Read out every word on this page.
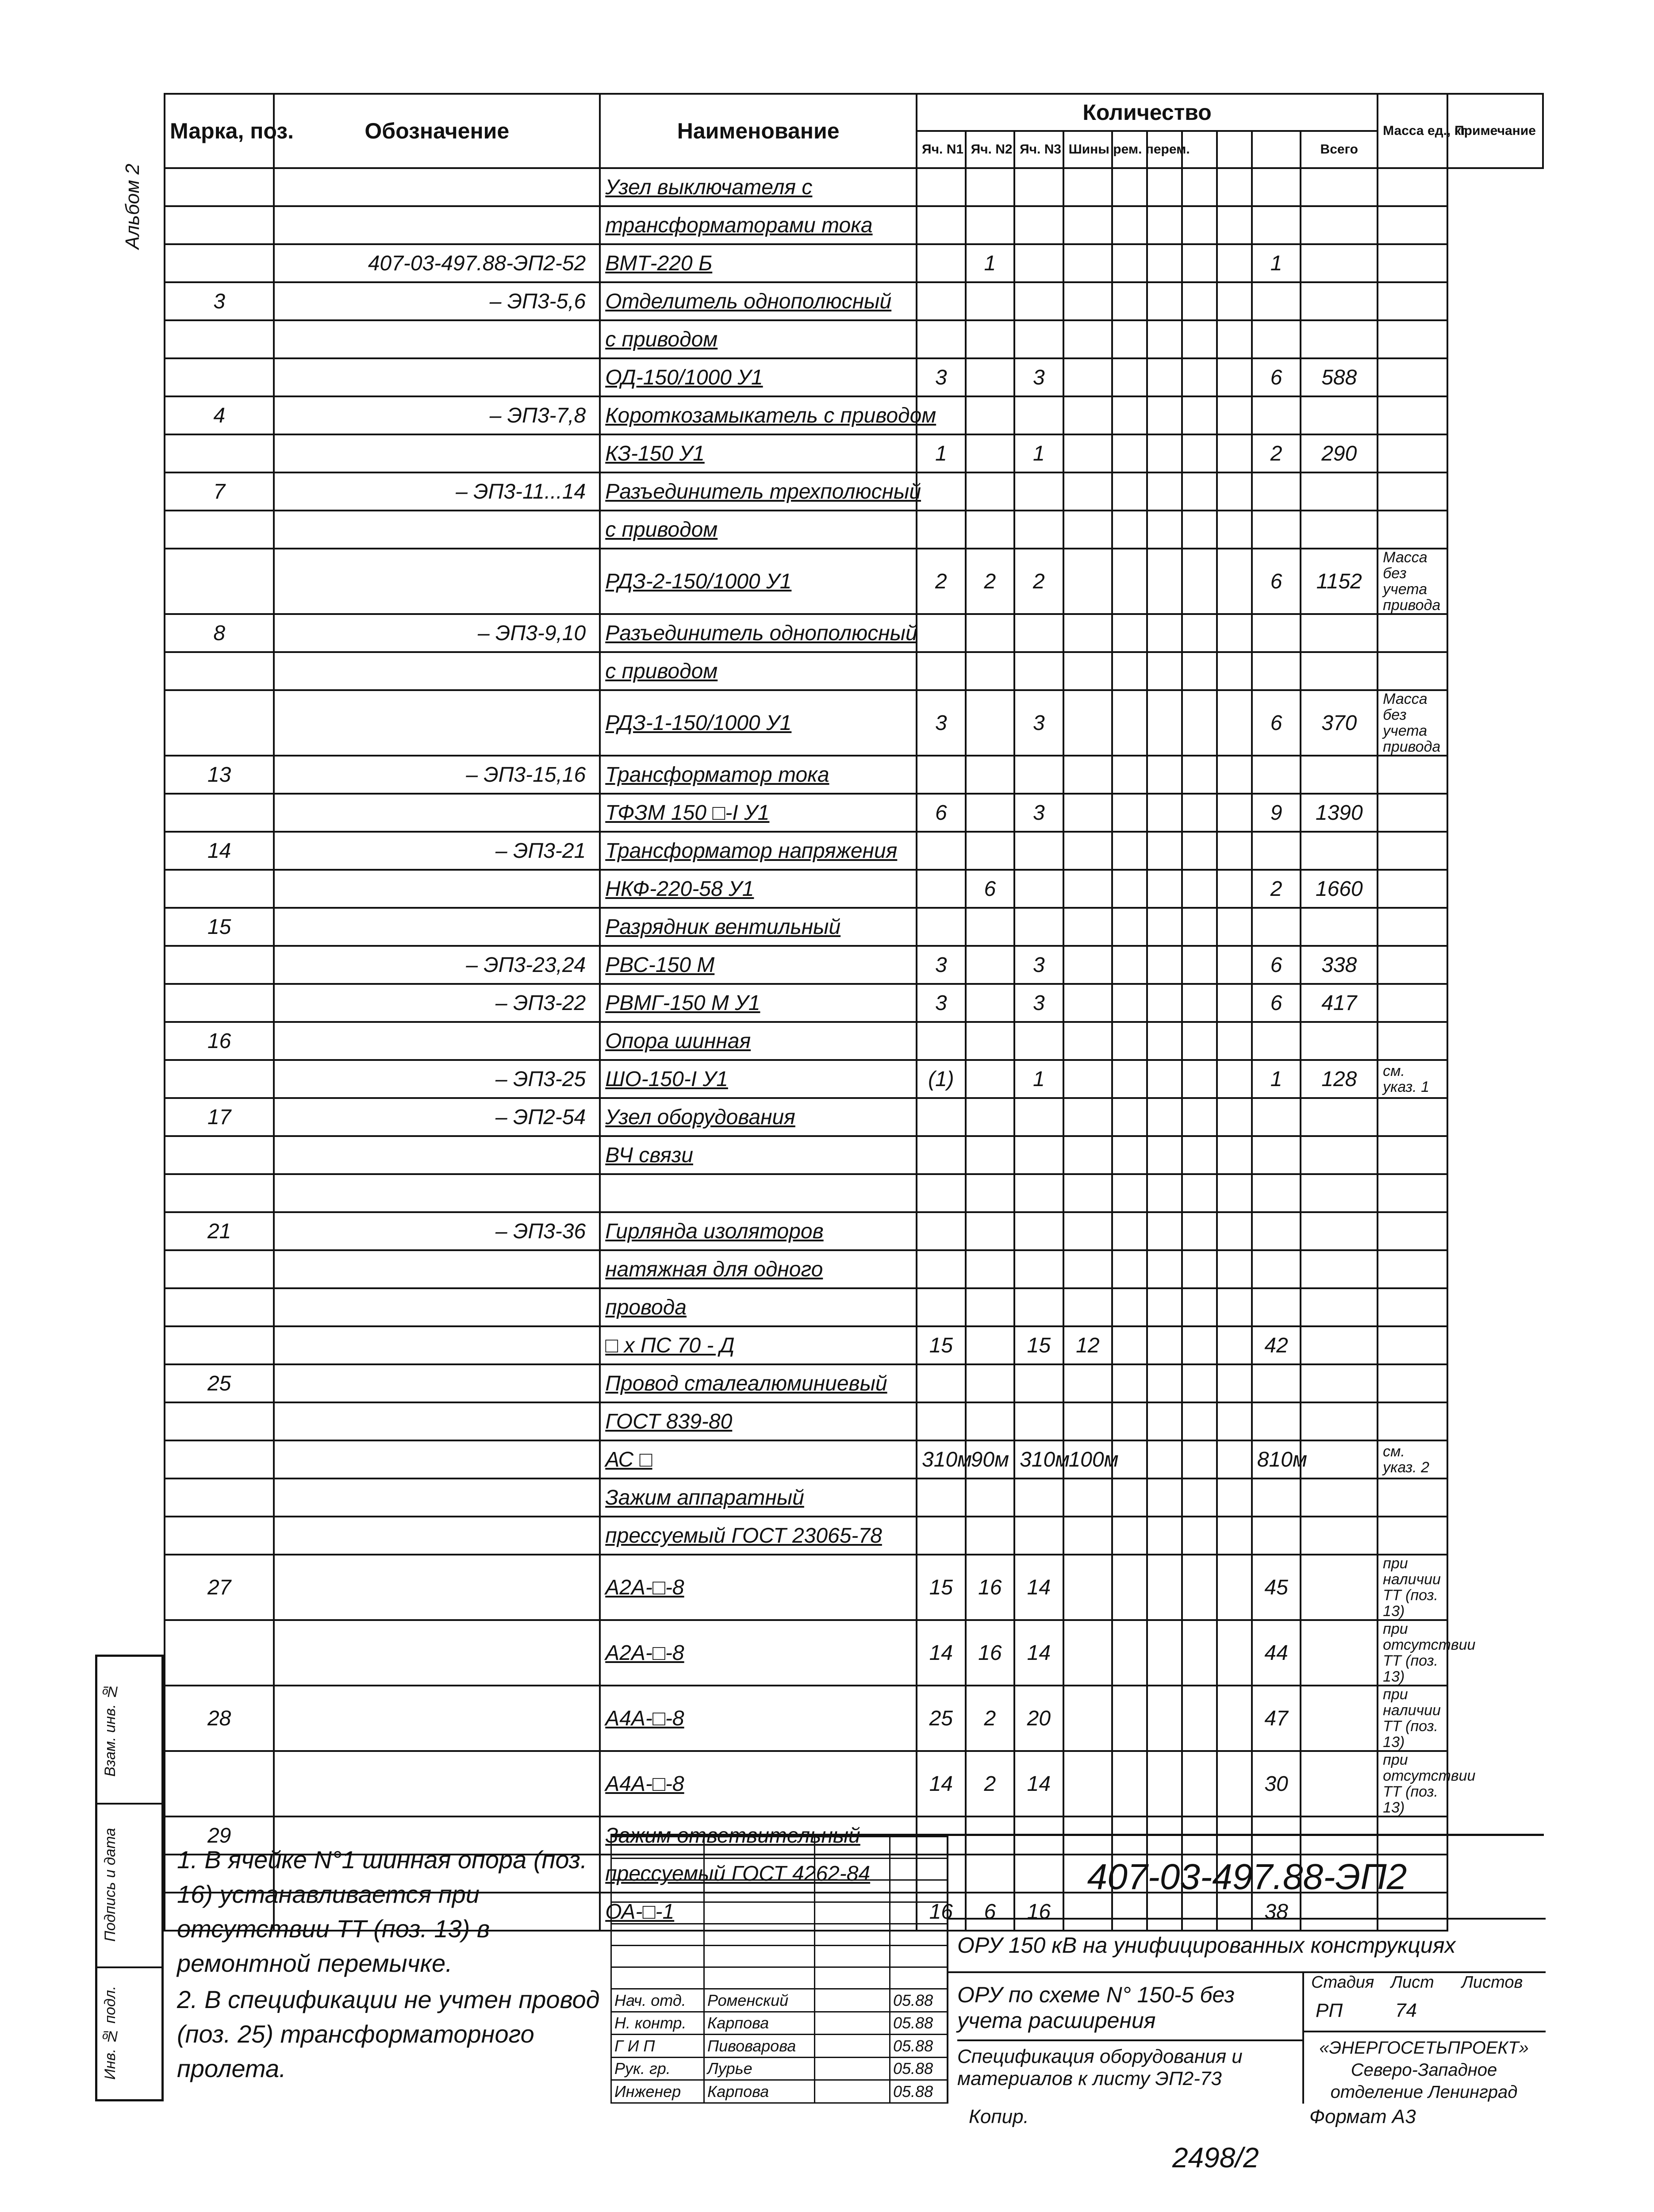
Альбом 2
Марка, поз.	Обозначение	Наименование	Количество										Масса ед., кг	Примечание
			Яч. N1	Яч. N2	Яч. N3	Шины рем. перем.						Всего		
		Узел выключателя с												
		трансформаторами тока												
	407-03-497.88-ЭП2-52	ВМТ-220 Б		1							1			
3	– ЭП3-5,6	Отделитель однополюсный												
		с приводом												
		ОД-150/1000 У1	3		3						6	588		
4	– ЭП3-7,8	Короткозамыкатель с приводом												
		КЗ-150 У1	1		1						2	290		
7	– ЭП3-11...14	Разъединитель трехполюсный												
		с приводом												
		РДЗ-2-150/1000 У1	2	2	2						6	1152	Масса без учета привода	
8	– ЭП3-9,10	Разъединитель однополюсный												
		с приводом												
		РДЗ-1-150/1000 У1	3		3						6	370	Масса без учета привода	
13	– ЭП3-15,16	Трансформатор тока												
		ТФЗМ 150 □-I У1	6		3						9	1390		
14	– ЭП3-21	Трансформатор напряжения												
		НКФ-220-58 У1		6							2	1660		
15		Разрядник вентильный												
	– ЭП3-23,24	РВС-150 М	3		3						6	338		
	– ЭП3-22	РВМГ-150 М У1	3		3						6	417		
16		Опора шинная												
	– ЭП3-25	ШО-150-I У1	(1)		1						1	128	см. указ. 1	
17	– ЭП2-54	Узел оборудования												
		ВЧ связи												

21	– ЭП3-36	Гирлянда изоляторов												
		натяжная для одного												
		провода												
		□ x ПС 70 - Д	15		15	12					42			
25		Провод сталеалюминиевый												
		ГОСТ 839-80												
		АС □	310м	90м	310м	100м					810м		см. указ. 2	
		Зажим аппаратный												
		прессуемый ГОСТ 23065-78												
27		А2А-□-8	15	16	14						45		при наличии ТТ (поз. 13)	
		А2А-□-8	14	16	14						44		при отсутствии ТТ (поз. 13)	
28		А4А-□-8	25	2	20						47		при наличии ТТ (поз. 13)	
		А4А-□-8	14	2	14						30		при отсутствии ТТ (поз. 13)	
29		Зажим ответвительный												
		прессуемый ГОСТ 4262-84												
		ОА-□-1	16	6	16						38			

1. В ячейке N°1 шинная опора (поз. 16) устанавливается при отсутствии ТТ (поз. 13) в ремонтной перемычке.

2. В спецификации не учтен провод (поз. 25) трансформаторного пролета.

Нач. отд.	Роменский		05.88
Н. контр.	Карпова		05.88
Г И П	Пивоварова		05.88
Рук. гр.	Лурье		05.88
Инженер	Карпова		05.88
407-03-497.88-ЭП2
ОРУ 150 кВ на унифицированных конструкциях
ОРУ по схеме N° 150-5 без учета расширения
Спецификация оборудования и материалов к листу ЭП2-73
Стадия Лист Листов
РП	74
«ЭНЕРГОСЕТЬПРОЕКТ» Северо-Западное отделение Ленинград
Взам. инв. №
Подпись и дата
Инв. № подл.
Копир.	Формат А3
2498/2
